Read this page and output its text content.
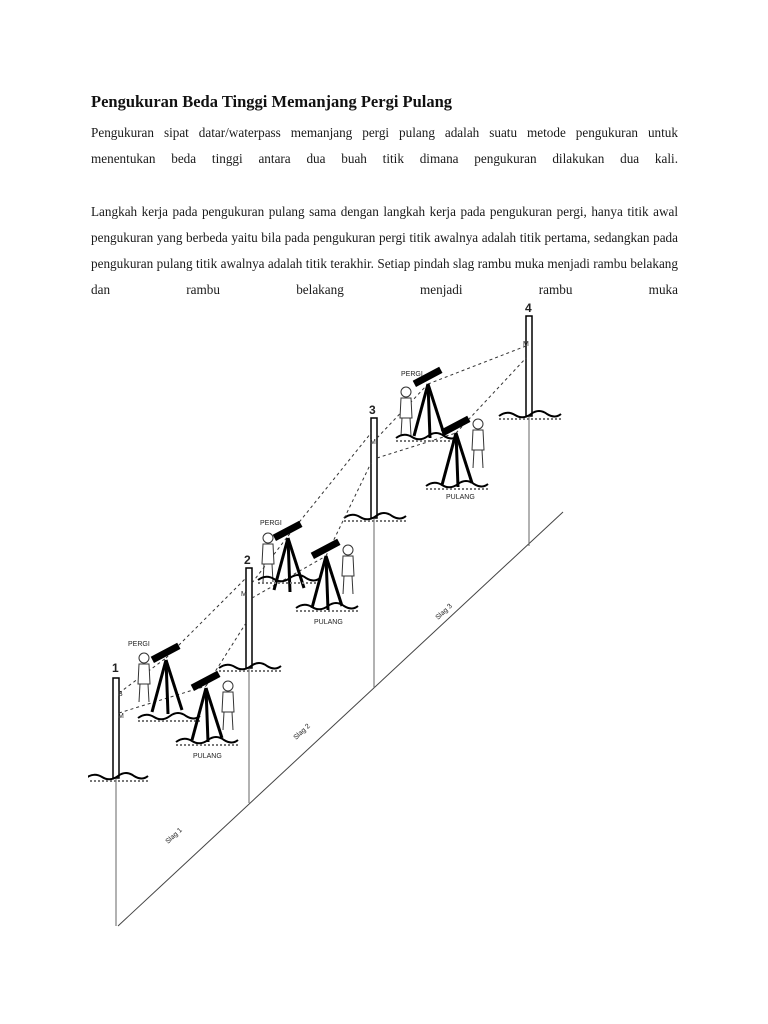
Pengukuran Beda Tinggi Memanjang Pergi Pulang

Pengukuran sipat datar/waterpass memanjang pergi pulang adalah suatu metode pengukuran untuk menentukan beda tinggi antara dua buah titik dimana pengukuran dilakukan dua kali.

Langkah kerja pada pengukuran pulang sama dengan langkah kerja pada pengukuran pergi, hanya titik awal pengukuran yang berbeda yaitu bila pada pengukuran pergi titik awalnya adalah titik pertama, sedangkan pada pengukuran pulang titik awalnya adalah titik terakhir. Setiap pindah slag rambu muka menjadi rambu belakang dan rambu belakang menjadi rambu muka

1
2
3
4
B
M
M
M
M
PERGI
PULANG
PERGI
PULANG
PERGI
PULANG
Slag 1
Slag 2
Slag 3
